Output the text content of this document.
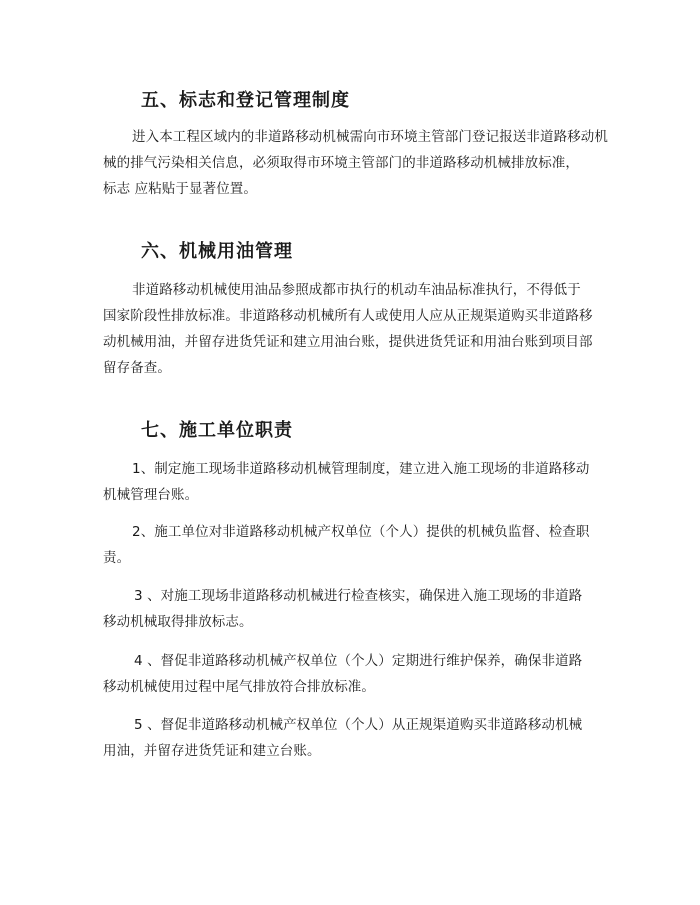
五、标志和登记管理制度
进入本工程区域内的非道路移动机械需向市环境主管部门登记报送非道路移动机
械的排气污染相关信息，必须取得市环境主管部门的非道路移动机械排放标准，
标志 应粘贴于显著位置。
六、机械用油管理
非道路移动机械使用油品参照成都市执行的机动车油品标准执行，不得低于
国家阶段性排放标准。非道路移动机械所有人或使用人应从正规渠道购买非道路移
动机械用油，并留存进货凭证和建立用油台账，提供进货凭证和用油台账到项目部
留存备查。
七、施工单位职责
1、制定施工现场非道路移动机械管理制度，建立进入施工现场的非道路移动
机械管理台账。
2、施工单位对非道路移动机械产权单位（个人）提供的机械负监督、检查职
责。
3 、对施工现场非道路移动机械进行检查核实，确保进入施工现场的非道路
移动机械取得排放标志。
4 、督促非道路移动机械产权单位（个人）定期进行维护保养，确保非道路
移动机械使用过程中尾气排放符合排放标准。
5 、督促非道路移动机械产权单位（个人）从正规渠道购买非道路移动机械
用油，并留存进货凭证和建立台账。
